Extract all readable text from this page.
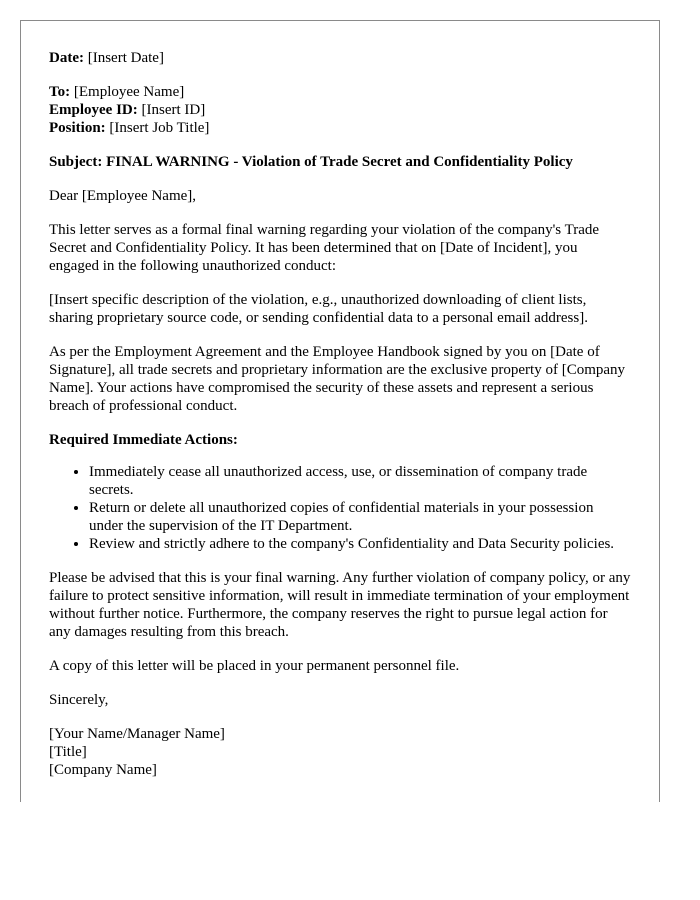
Date: [Insert Date]

To: [Employee Name]

Employee ID: [Insert ID]

Position: [Insert Job Title]

Subject: FINAL WARNING - Violation of Trade Secret and Confidentiality Policy

Dear [Employee Name],

This letter serves as a formal final warning regarding your violation of the company's Trade Secret and Confidentiality Policy. It has been determined that on [Date of Incident], you engaged in the following unauthorized conduct:

[Insert specific description of the violation, e.g., unauthorized downloading of client lists, sharing proprietary source code, or sending confidential data to a personal email address].

As per the Employment Agreement and the Employee Handbook signed by you on [Date of Signature], all trade secrets and proprietary information are the exclusive property of [Company Name]. Your actions have compromised the security of these assets and represent a serious breach of professional conduct.

Required Immediate Actions:

• Immediately cease all unauthorized access, use, or dissemination of company trade secrets.
• Return or delete all unauthorized copies of confidential materials in your possession under the supervision of the IT Department.
• Review and strictly adhere to the company's Confidentiality and Data Security policies.

Please be advised that this is your final warning. Any further violation of company policy, or any failure to protect sensitive information, will result in immediate termination of your employment without further notice. Furthermore, the company reserves the right to pursue legal action for any damages resulting from this breach.

A copy of this letter will be placed in your permanent personnel file.

Sincerely,

[Your Name/Manager Name]

[Title]

[Company Name]
